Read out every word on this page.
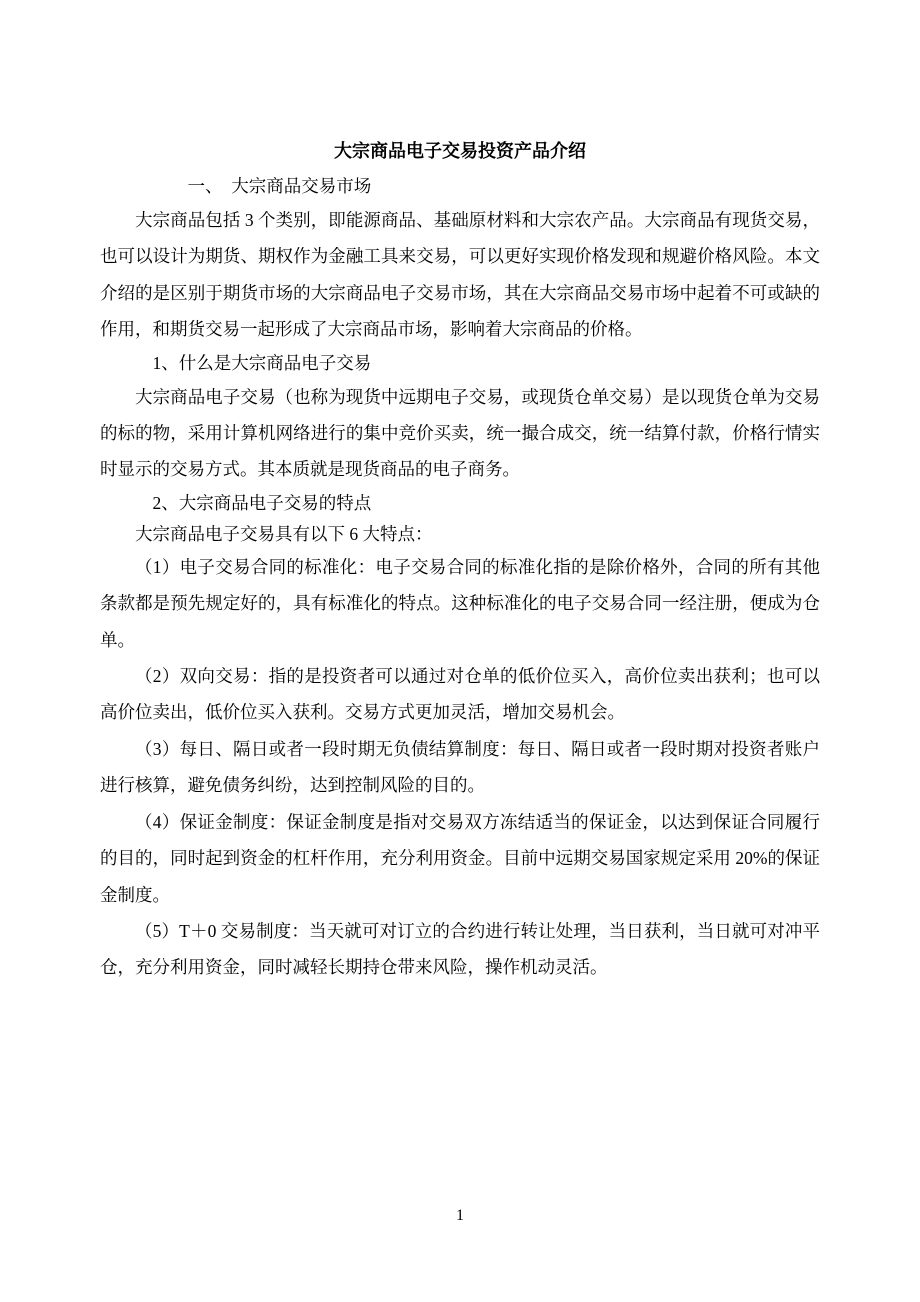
大宗商品电子交易投资产品介绍

一、　大宗商品交易市场

大宗商品包括 3 个类别，即能源商品、基础原材料和大宗农产品。大宗商品有现货交易，也可以设计为期货、期权作为金融工具来交易，可以更好实现价格发现和规避价格风险。本文介绍的是区别于期货市场的大宗商品电子交易市场，其在大宗商品交易市场中起着不可或缺的作用，和期货交易一起形成了大宗商品市场，影响着大宗商品的价格。

1、什么是大宗商品电子交易

大宗商品电子交易（也称为现货中远期电子交易，或现货仓单交易）是以现货仓单为交易的标的物，采用计算机网络进行的集中竞价买卖，统一撮合成交，统一结算付款，价格行情实时显示的交易方式。其本质就是现货商品的电子商务。

2、大宗商品电子交易的特点

大宗商品电子交易具有以下 6 大特点：

（1）电子交易合同的标准化：电子交易合同的标准化指的是除价格外，合同的所有其他条款都是预先规定好的，具有标准化的特点。这种标准化的电子交易合同一经注册，便成为仓单。

（2）双向交易：指的是投资者可以通过对仓单的低价位买入，高价位卖出获利；也可以高价位卖出，低价位买入获利。交易方式更加灵活，增加交易机会。

（3）每日、隔日或者一段时期无负债结算制度：每日、隔日或者一段时期对投资者账户进行核算，避免债务纠纷，达到控制风险的目的。

（4）保证金制度：保证金制度是指对交易双方冻结适当的保证金，以达到保证合同履行的目的，同时起到资金的杠杆作用，充分利用资金。目前中远期交易国家规定采用 20%的保证金制度。

（5）T＋0 交易制度：当天就可对订立的合约进行转让处理，当日获利，当日就可对冲平仓，充分利用资金，同时减轻长期持仓带来风险，操作机动灵活。

1
